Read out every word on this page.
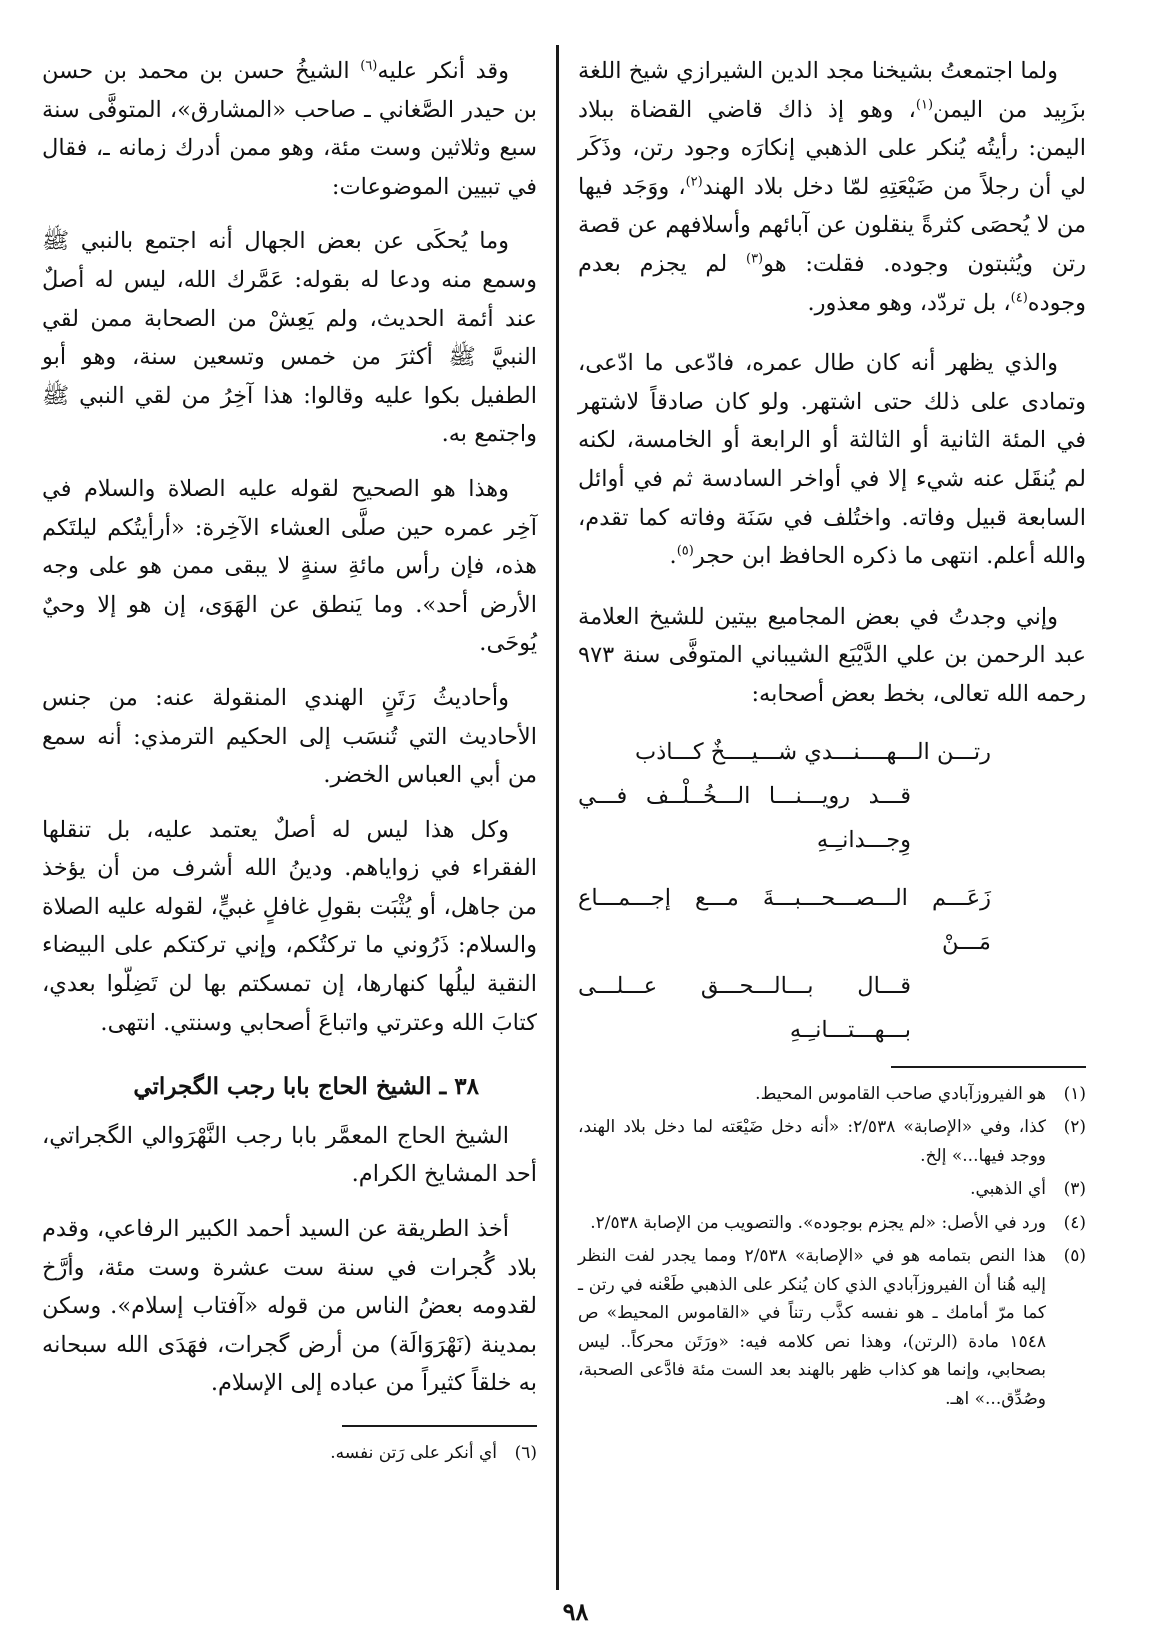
ولما اجتمعتُ بشيخنا مجد الدين الشيرازي شيخ اللغة بزَبِيد من اليمن$^{(١)}$، وهو إذ ذاك قاضي القضاة ببلاد اليمن: رأيتُه يُنكر على الذهبي إنكارَه وجود رتن، وذَكَر لي أن رجلاً من ضَيْعَتِهِ لمّا دخل بلاد الهند$^{(٢)}$، ووَجَد فيها من لا يُحصَى كثرةً ينقلون عن آبائهم وأسلافهم عن قصة رتن ويُثبتون وجوده. فقلت: هو$^{(٣)}$ لم يجزم بعدم وجوده$^{(٤)}$، بل تردّد، وهو معذور.

والذي يظهر أنه كان طال عمره، فادّعى ما ادّعى، وتمادى على ذلك حتى اشتهر. ولو كان صادقاً لاشتهر في المئة الثانية أو الثالثة أو الرابعة أو الخامسة، لكنه لم يُنقَل عنه شيء إلا في أواخر السادسة ثم في أوائل السابعة قبيل وفاته. واختُلف في سَنَة وفاته كما تقدم، والله أعلم. انتهى ما ذكره الحافظ ابن حجر$^{(٥)}$.

وإني وجدتُ في بعض المجاميع بيتين للشيخ العلامة عبد الرحمن بن علي الدَّيْبَع الشيباني المتوفَّى سنة ٩٧٣ رحمه الله تعالى، بخط بعض أصحابه:

رتـــن الـــهــــنـــدي شـــيــــخٌ كـــاذب
قـــد رويـــنـــا الـــخُــلْــف فـــي وِجـــدانـِـهِ
زَعَـــم الـــصـــحـــبـــةَ مـــع إجـــمـــاع مَـــنْ
قـــال بـــالـــحـــق عـــلـــى بـــهـــتـــانـِـهِ
(١)
هو الفيروزآبادي صاحب القاموس المحيط.
(٢)
كذا، وفي «الإصابة» ٢/٥٣٨: «أنه دخل ضَيْعَته لما دخل بلاد الهند، ووجد فيها...» إلخ.
(٣)
أي الذهبي.
(٤)
ورد في الأصل: «لم يجزم بوجوده». والتصويب من الإصابة ٢/٥٣٨.
(٥)
هذا النص بتمامه هو في «الإصابة» ٢/٥٣٨ ومما يجدر لفت النظر إليه هُنا أن الفيروزآبادي الذي كان يُنكر على الذهبي طَعْنه في رتن ـ كما مرّ أمامك ـ هو نفسه كذَّب رتناً في «القاموس المحيط» ص ١٥٤٨ مادة (الرتن)، وهذا نص كلامه فيه: «ورَتَن محركاً.. ليس بصحابي، وإنما هو كذاب ظهر بالهند بعد الست مئة فادَّعى الصحبة، وصُدِّق...» اهـ.

وقد أنكر عليه$^{(٦)}$ الشيخُ حسن بن محمد بن حسن بن حيدر الصَّغاني ـ صاحب «المشارق»، المتوفَّى سنة سبع وثلاثين وست مئة، وهو ممن أدرك زمانه ـ، فقال في تبيين الموضوعات:

وما يُحكَى عن بعض الجهال أنه اجتمع بالنبي ﷺ وسمع منه ودعا له بقوله: عَمَّرك الله، ليس له أصلٌ عند أئمة الحديث، ولم يَعِشْ من الصحابة ممن لقي النبيَّ ﷺ أكثرَ من خمس وتسعين سنة، وهو أبو الطفيل بكوا عليه وقالوا: هذا آخِرُ من لقي النبي ﷺ واجتمع به.

وهذا هو الصحيح لقوله عليه الصلاة والسلام في آخِر عمره حين صلَّى العشاء الآخِرة: «أرأيتُكم ليلتَكم هذه، فإن رأس مائةِ سنةٍ لا يبقى ممن هو على وجه الأرض أحد». وما يَنطق عن الهَوَى، إن هو إلا وحيٌ يُوحَى.

وأحاديثُ رَتَنٍ الهندي المنقولة عنه: من جنس الأحاديث التي تُنسَب إلى الحكيم الترمذي: أنه سمع من أبي العباس الخضر.

وكل هذا ليس له أصلٌ يعتمد عليه، بل تنقلها الفقراء في زواياهم. ودينُ الله أشرف من أن يؤخذ من جاهل، أو يُثْبَت بقولِ غافلٍ غبيٍّ، لقوله عليه الصلاة والسلام: ذَرُوني ما تركتُكم، وإني تركتكم على البيضاء النقية ليلُها كنهارها، إن تمسكتم بها لن تَضِلّوا بعدي، كتابَ الله وعترتي واتباعَ أصحابي وسنتي. انتهى.

٣٨ ـ الشيخ الحاج بابا رجب الگجراتي

الشيخ الحاج المعمَّر بابا رجب النَّهْرَوالي الگجراتي، أحد المشايخ الكرام.

أخذ الطريقة عن السيد أحمد الكبير الرفاعي، وقدم بلاد گُجرات في سنة ست عشرة وست مئة، وأرَّخ لقدومه بعضُ الناس من قوله «آفتاب إسلام». وسكن بمدينة (نَهْرَوَالَة) من أرض گجرات، فهَدَى الله سبحانه به خلقاً كثيراً من عباده إلى الإسلام.

(٦)
أي أنكر على رَتن نفسه.
٩٨
